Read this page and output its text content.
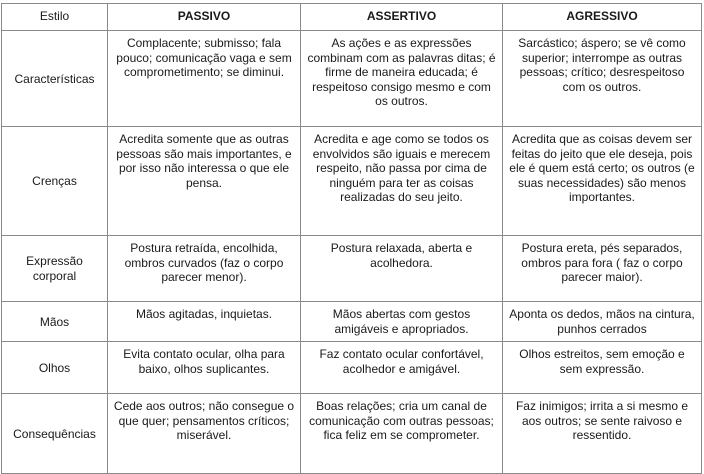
Estilo	PASSIVO	ASSERTIVO	AGRESSIVO
Características	Complacente; submisso; fala pouco; comunicação vaga e sem comprometimento; se diminui.	As ações e as expressões combinam com as palavras ditas; é firme de maneira educada; é respeitoso consigo mesmo e com os outros.	Sarcástico; áspero; se vê como superior; interrompe as outras pessoas; crítico; desrespeitoso com os outros.
Crenças	Acredita somente que as outras pessoas são mais importantes, e por isso não interessa o que ele pensa.	Acredita e age como se todos os envolvidos são iguais e merecem respeito, não passa por cima de ninguém para ter as coisas realizadas do seu jeito.	Acredita que as coisas devem ser feitas do jeito que ele deseja, pois ele é quem está certo; os outros (e suas necessidades) são menos importantes.
Expressão corporal	Postura retraída, encolhida, ombros curvados (faz o corpo parecer menor).	Postura relaxada, aberta e acolhedora.	Postura ereta, pés separados, ombros para fora ( faz o corpo parecer maior).
Mãos	Mãos agitadas, inquietas.	Mãos abertas com gestos amigáveis e apropriados.	Aponta os dedos, mãos na cintura, punhos cerrados
Olhos	Evita contato ocular, olha para baixo, olhos suplicantes.	Faz contato ocular confortável, acolhedor e amigável.	Olhos estreitos, sem emoção e sem expressão.
Consequências	Cede aos outros; não consegue o que quer; pensamentos críticos; miserável.	Boas relações; cria um canal de comunicação com outras pessoas; fica feliz em se comprometer.	Faz inimigos; irrita a si mesmo e aos outros; se sente raivoso e ressentido.
